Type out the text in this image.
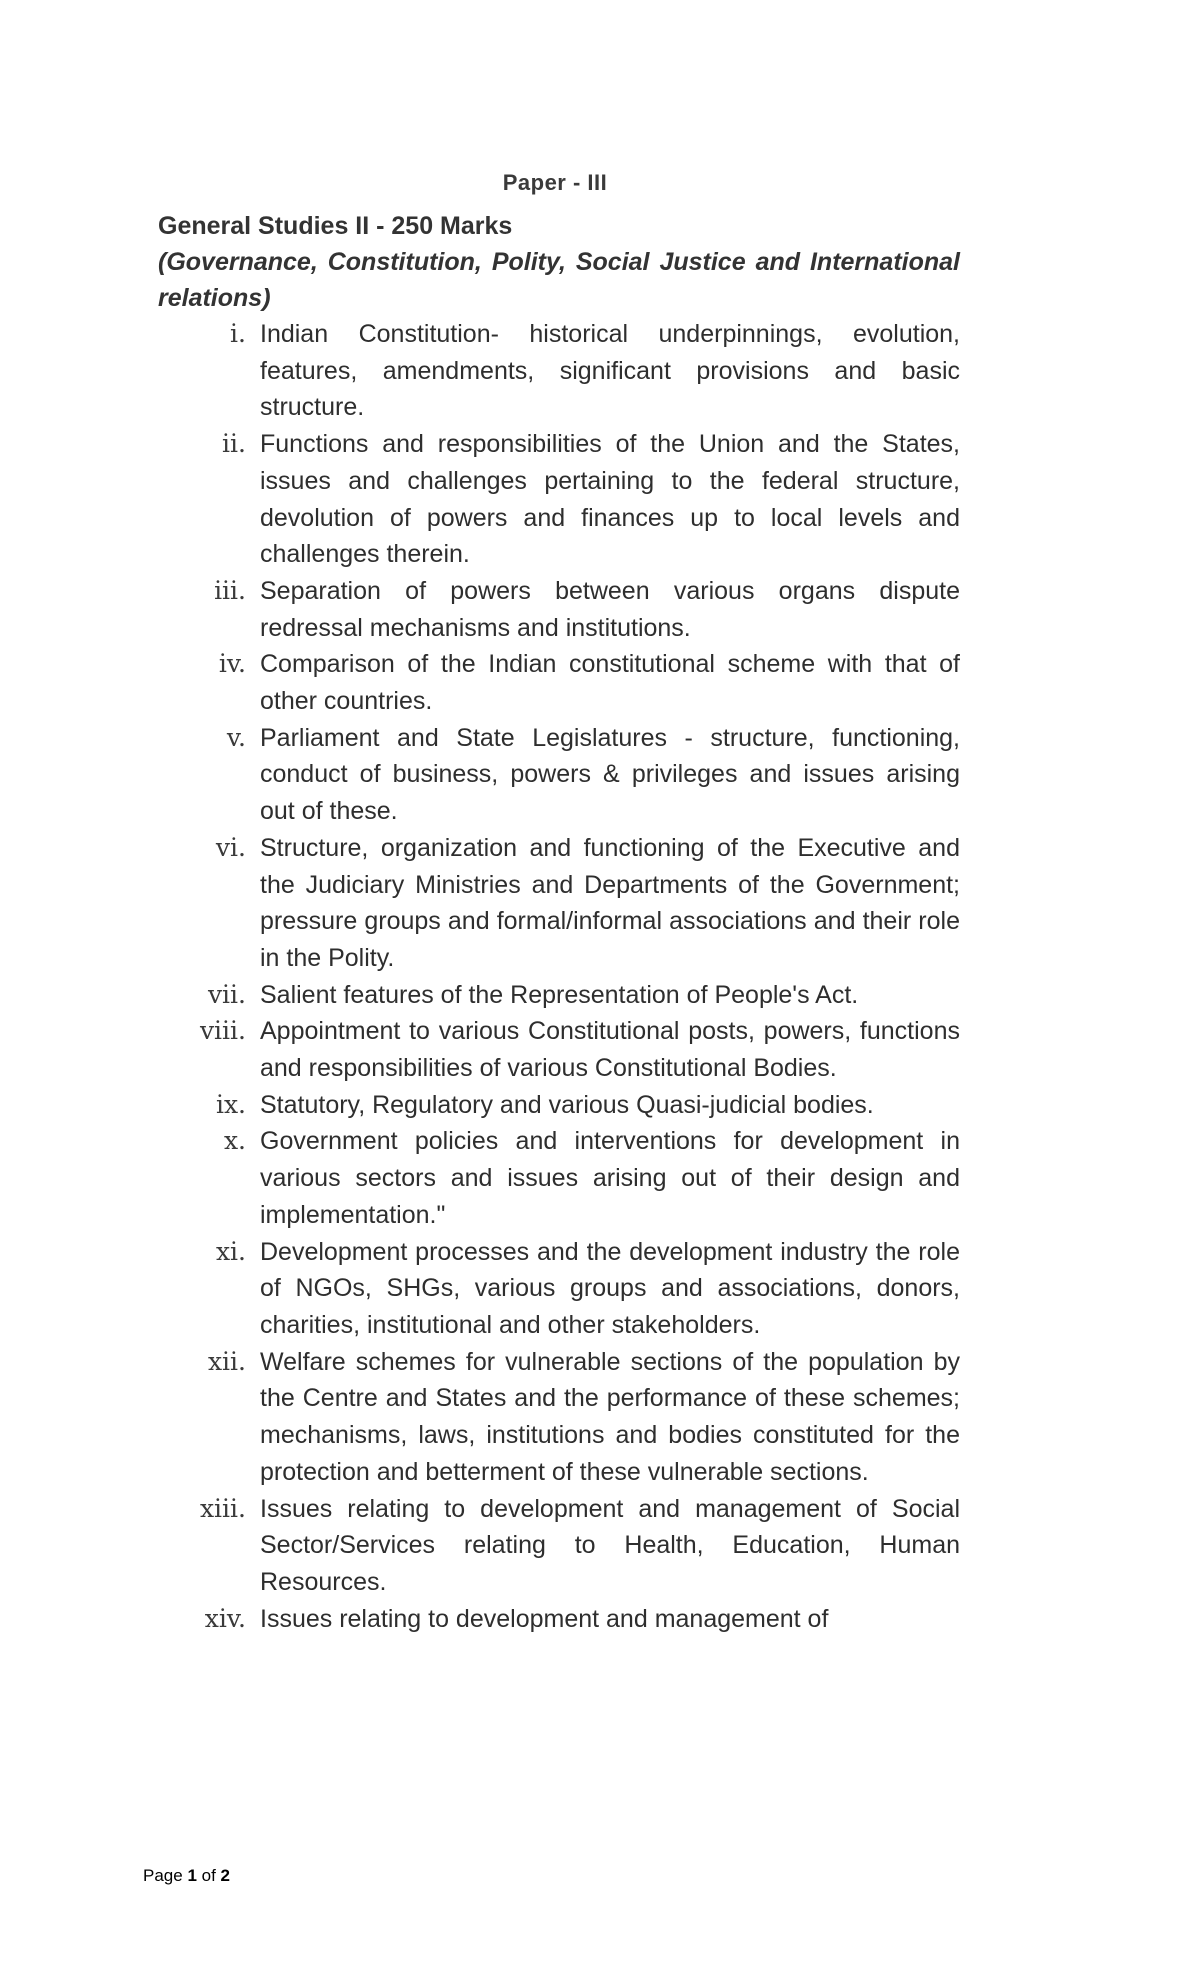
Paper - III
General Studies II - 250 Marks
(Governance, Constitution, Polity, Social Justice and International relations)
i. Indian Constitution- historical underpinnings, evolution, features, amendments, significant provisions and basic structure.
ii. Functions and responsibilities of the Union and the States, issues and challenges pertaining to the federal structure, devolution of powers and finances up to local levels and challenges therein.
iii. Separation of powers between various organs dispute redressal mechanisms and institutions.
iv. Comparison of the Indian constitutional scheme with that of other countries.
v. Parliament and State Legislatures - structure, functioning, conduct of business, powers & privileges and issues arising out of these.
vi. Structure, organization and functioning of the Executive and the Judiciary Ministries and Departments of the Government; pressure groups and formal/informal associations and their role in the Polity.
vii. Salient features of the Representation of People's Act.
viii. Appointment to various Constitutional posts, powers, functions and responsibilities of various Constitutional Bodies.
ix. Statutory, Regulatory and various Quasi-judicial bodies.
x. Government policies and interventions for development in various sectors and issues arising out of their design and implementation."
xi. Development processes and the development industry the role of NGOs, SHGs, various groups and associations, donors, charities, institutional and other stakeholders.
xii. Welfare schemes for vulnerable sections of the population by the Centre and States and the performance of these schemes; mechanisms, laws, institutions and bodies constituted for the protection and betterment of these vulnerable sections.
xiii. Issues relating to development and management of Social Sector/Services relating to Health, Education, Human Resources.
xiv. Issues relating to development and management of
Page 1 of 2
